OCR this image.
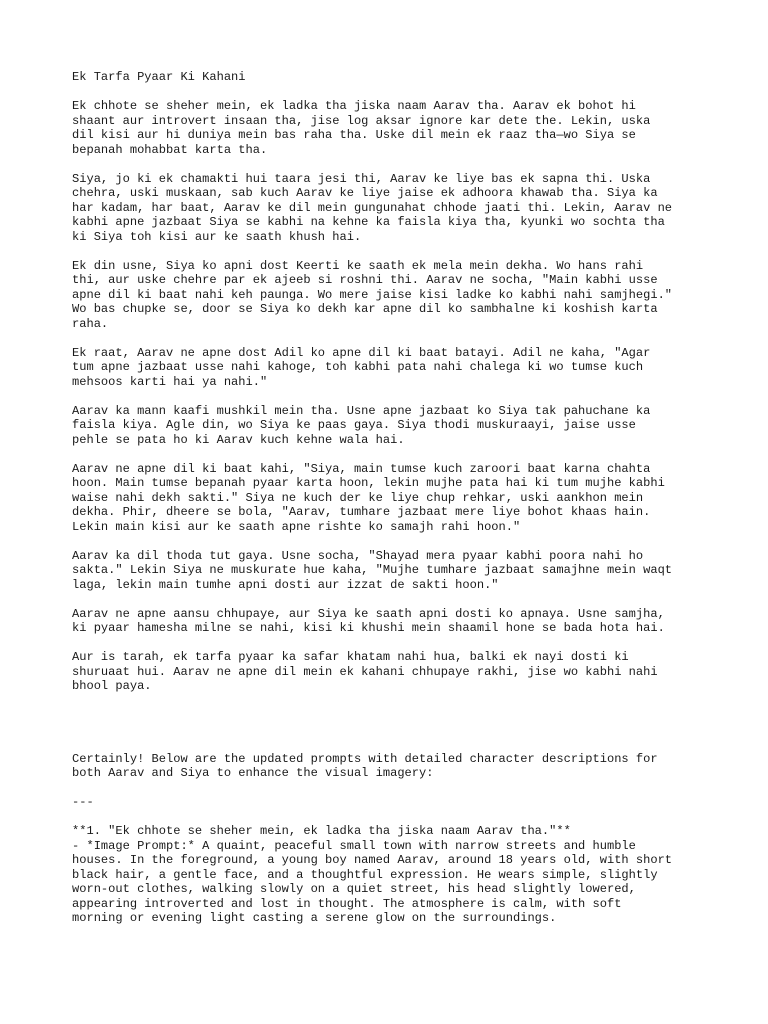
Ek Tarfa Pyaar Ki Kahani

Ek chhote se sheher mein, ek ladka tha jiska naam Aarav tha. Aarav ek bohot hi
shaant aur introvert insaan tha, jise log aksar ignore kar dete the. Lekin, uska
dil kisi aur hi duniya mein bas raha tha. Uske dil mein ek raaz tha—wo Siya se
bepanah mohabbat karta tha.

Siya, jo ki ek chamakti hui taara jesi thi, Aarav ke liye bas ek sapna thi. Uska
chehra, uski muskaan, sab kuch Aarav ke liye jaise ek adhoora khawab tha. Siya ka
har kadam, har baat, Aarav ke dil mein gungunahat chhode jaati thi. Lekin, Aarav ne
kabhi apne jazbaat Siya se kabhi na kehne ka faisla kiya tha, kyunki wo sochta tha
ki Siya toh kisi aur ke saath khush hai.

Ek din usne, Siya ko apni dost Keerti ke saath ek mela mein dekha. Wo hans rahi
thi, aur uske chehre par ek ajeeb si roshni thi. Aarav ne socha, "Main kabhi usse
apne dil ki baat nahi keh paunga. Wo mere jaise kisi ladke ko kabhi nahi samjhegi."
Wo bas chupke se, door se Siya ko dekh kar apne dil ko sambhalne ki koshish karta
raha.

Ek raat, Aarav ne apne dost Adil ko apne dil ki baat batayi. Adil ne kaha, "Agar
tum apne jazbaat usse nahi kahoge, toh kabhi pata nahi chalega ki wo tumse kuch
mehsoos karti hai ya nahi."

Aarav ka mann kaafi mushkil mein tha. Usne apne jazbaat ko Siya tak pahuchane ka
faisla kiya. Agle din, wo Siya ke paas gaya. Siya thodi muskuraayi, jaise usse
pehle se pata ho ki Aarav kuch kehne wala hai.

Aarav ne apne dil ki baat kahi, "Siya, main tumse kuch zaroori baat karna chahta
hoon. Main tumse bepanah pyaar karta hoon, lekin mujhe pata hai ki tum mujhe kabhi
waise nahi dekh sakti." Siya ne kuch der ke liye chup rehkar, uski aankhon mein
dekha. Phir, dheere se bola, "Aarav, tumhare jazbaat mere liye bohot khaas hain.
Lekin main kisi aur ke saath apne rishte ko samajh rahi hoon."

Aarav ka dil thoda tut gaya. Usne socha, "Shayad mera pyaar kabhi poora nahi ho
sakta." Lekin Siya ne muskurate hue kaha, "Mujhe tumhare jazbaat samajhne mein waqt
laga, lekin main tumhe apni dosti aur izzat de sakti hoon."

Aarav ne apne aansu chhupaye, aur Siya ke saath apni dosti ko apnaya. Usne samjha,
ki pyaar hamesha milne se nahi, kisi ki khushi mein shaamil hone se bada hota hai.

Aur is tarah, ek tarfa pyaar ka safar khatam nahi hua, balki ek nayi dosti ki
shuruaat hui. Aarav ne apne dil mein ek kahani chhupaye rakhi, jise wo kabhi nahi
bhool paya.

Certainly! Below are the updated prompts with detailed character descriptions for
both Aarav and Siya to enhance the visual imagery:

---

**1. "Ek chhote se sheher mein, ek ladka tha jiska naam Aarav tha."**

- *Image Prompt:* A quaint, peaceful small town with narrow streets and humble
houses. In the foreground, a young boy named Aarav, around 18 years old, with short
black hair, a gentle face, and a thoughtful expression. He wears simple, slightly
worn-out clothes, walking slowly on a quiet street, his head slightly lowered,
appearing introverted and lost in thought. The atmosphere is calm, with soft
morning or evening light casting a serene glow on the surroundings.
